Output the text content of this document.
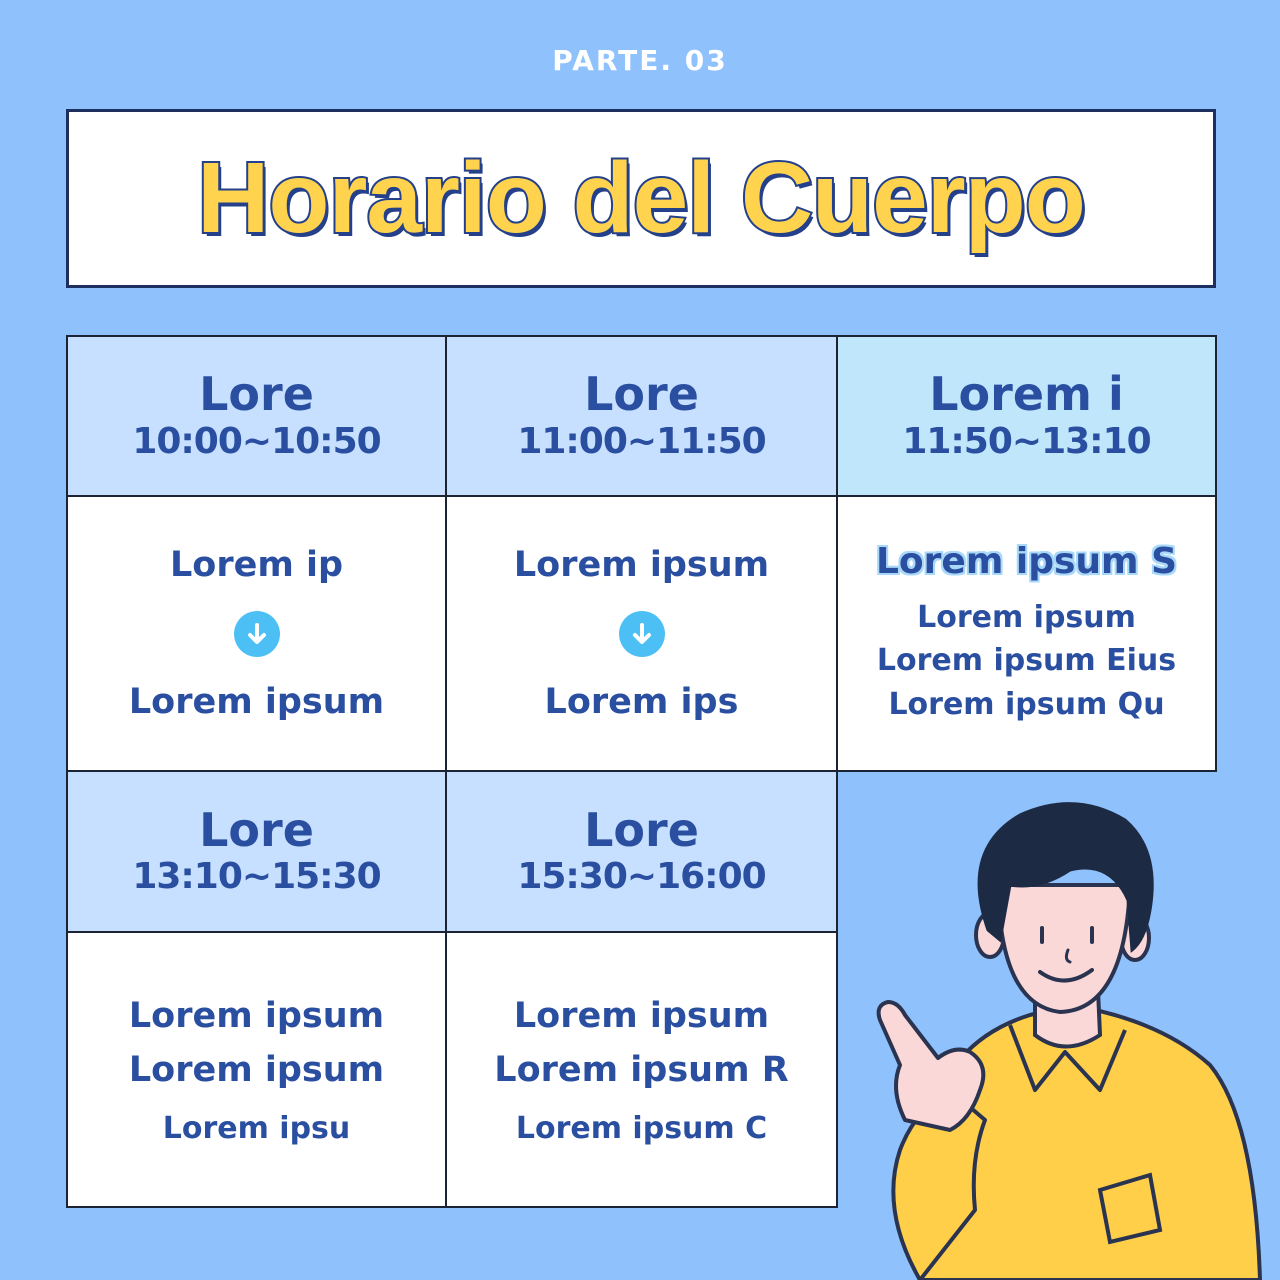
PARTE. 03
Horario del Cuerpo
Lore
10:00~10:50
Lore
11:00~11:50
Lorem i
11:50~13:10
Lorem ip
Lorem ipsum
Lorem ipsum
Lorem ips
Lorem ipsum S
Lorem ipsum
Lorem ipsum Eius
Lorem ipsum Qu
Lore
13:10~15:30
Lore
15:30~16:00
Lorem ipsum
Lorem ipsum
Lorem ipsu
Lorem ipsum
Lorem ipsum R
Lorem ipsum C
